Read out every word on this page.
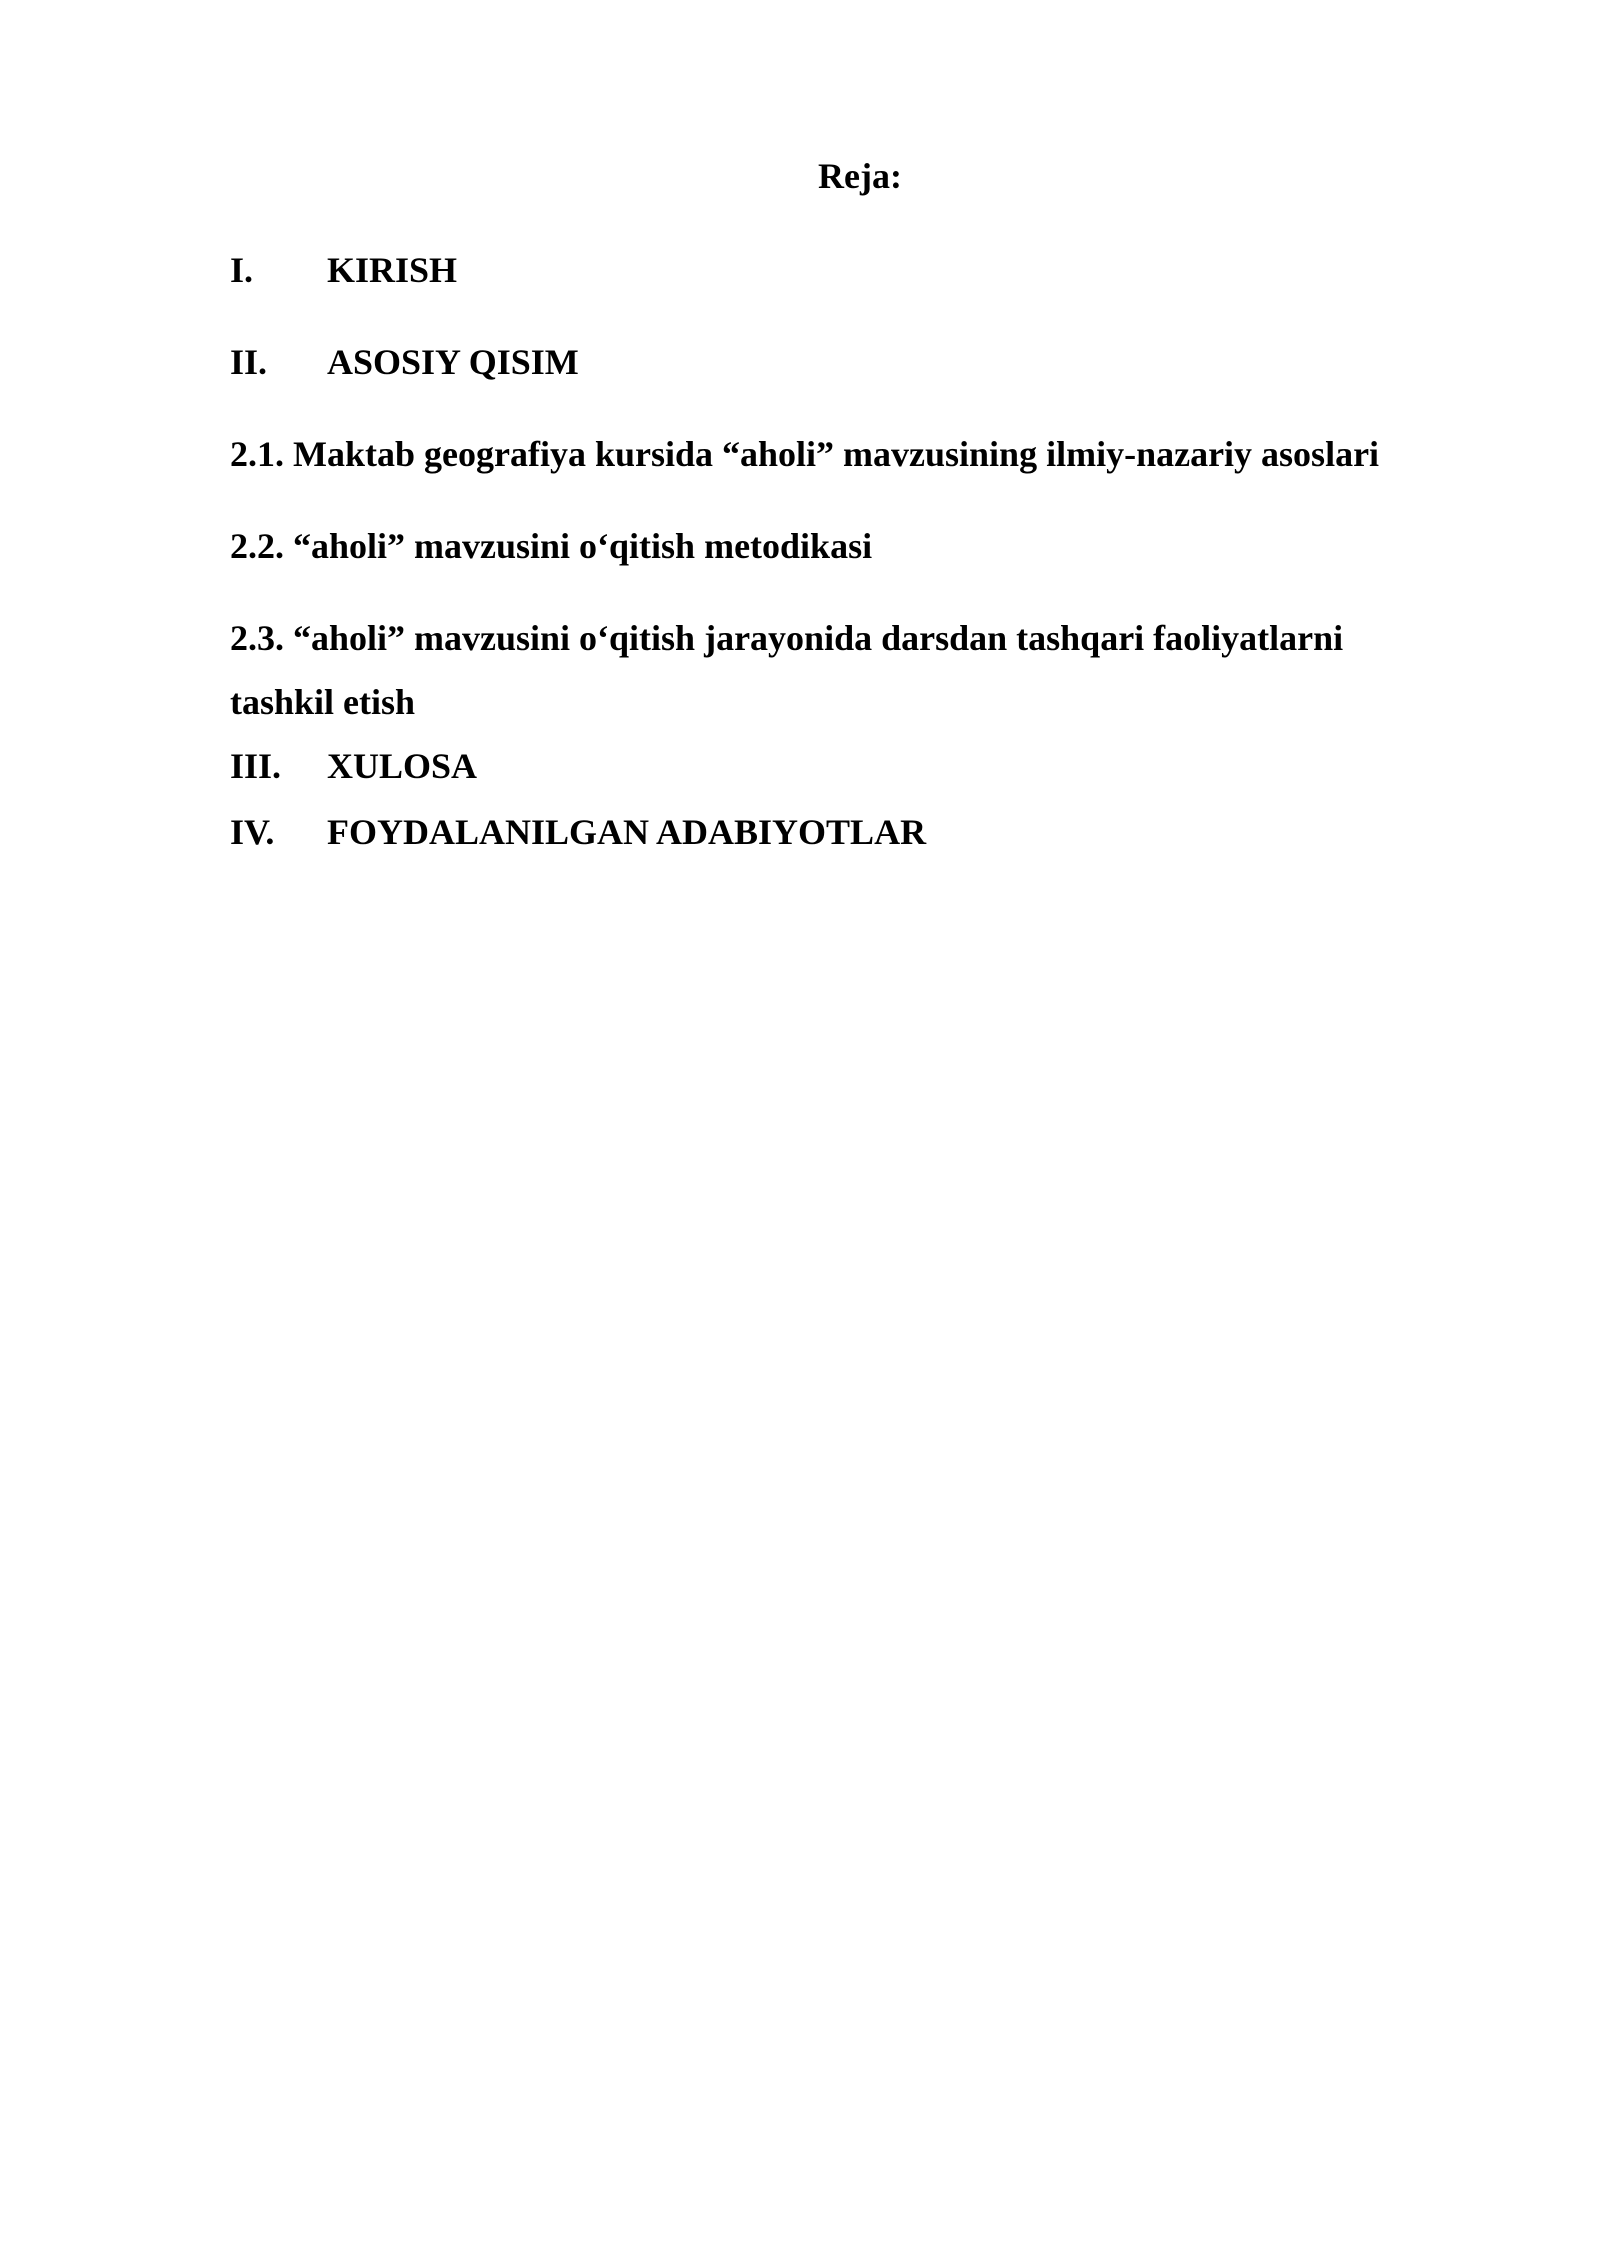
Reja:
I. KIRISH
II. ASOSIY QISIM
2.1. Maktab geografiya kursida “aholi” mavzusining ilmiy-nazariy asoslari
2.2. “aholi” mavzusini o‘qitish metodikasi
2.3. “aholi” mavzusini o‘qitish jarayonida darsdan tashqari faoliyatlarni tashkil etish
III. XULOSA
IV. FOYDALANILGAN ADABIYOTLAR
